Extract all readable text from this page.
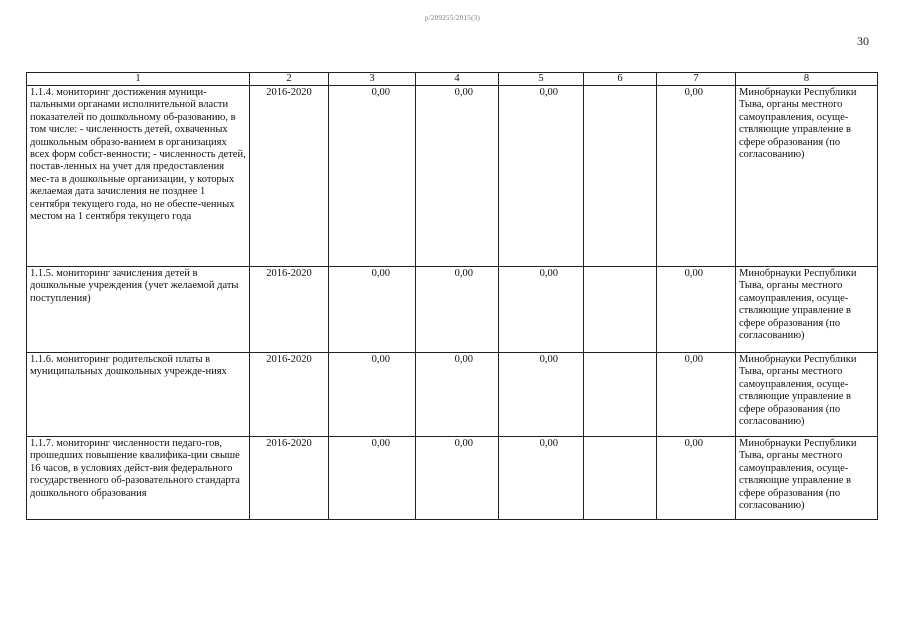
р/209255/2015(3)
30
1	2	3	4	5	6	7	8
1.1.4. мониторинг достижения муници-пальными органами исполнительной власти показателей по дошкольному об-разованию, в том числе: - численность детей, охваченных дошкольным образо-ванием в организациях всех форм собст-венности; - численность детей, постав-ленных на учет для предоставления мес-та в дошкольные организации, у которых желаемая дата зачисления не позднее 1 сентября текущего года, но не обеспе-ченных местом на 1 сентября текущего года	2016-2020	0,00	0,00	0,00		0,00	Минобрнауки Республики Тыва, органы местного самоуправления, осуще-ствляющие управление в сфере образования (по согласованию)
1.1.5. мониторинг зачисления детей в дошкольные учреждения (учет желаемой даты поступления)	2016-2020	0,00	0,00	0,00		0,00	Минобрнауки Республики Тыва, органы местного самоуправления, осуще-ствляющие управление в сфере образования (по согласованию)
1.1.6. мониторинг родительской платы в муниципальных дошкольных учрежде-ниях	2016-2020	0,00	0,00	0,00		0,00	Минобрнауки Республики Тыва, органы местного самоуправления, осуще-ствляющие управление в сфере образования (по согласованию)
1.1.7. мониторинг численности педаго-гов, прошедших повышение квалифика-ции свыше 16 часов, в условиях дейст-вия федерального государственного об-разовательного стандарта дошкольного образования	2016-2020	0,00	0,00	0,00		0,00	Минобрнауки Республики Тыва, органы местного самоуправления, осуще-ствляющие управление в сфере образования (по согласованию)
